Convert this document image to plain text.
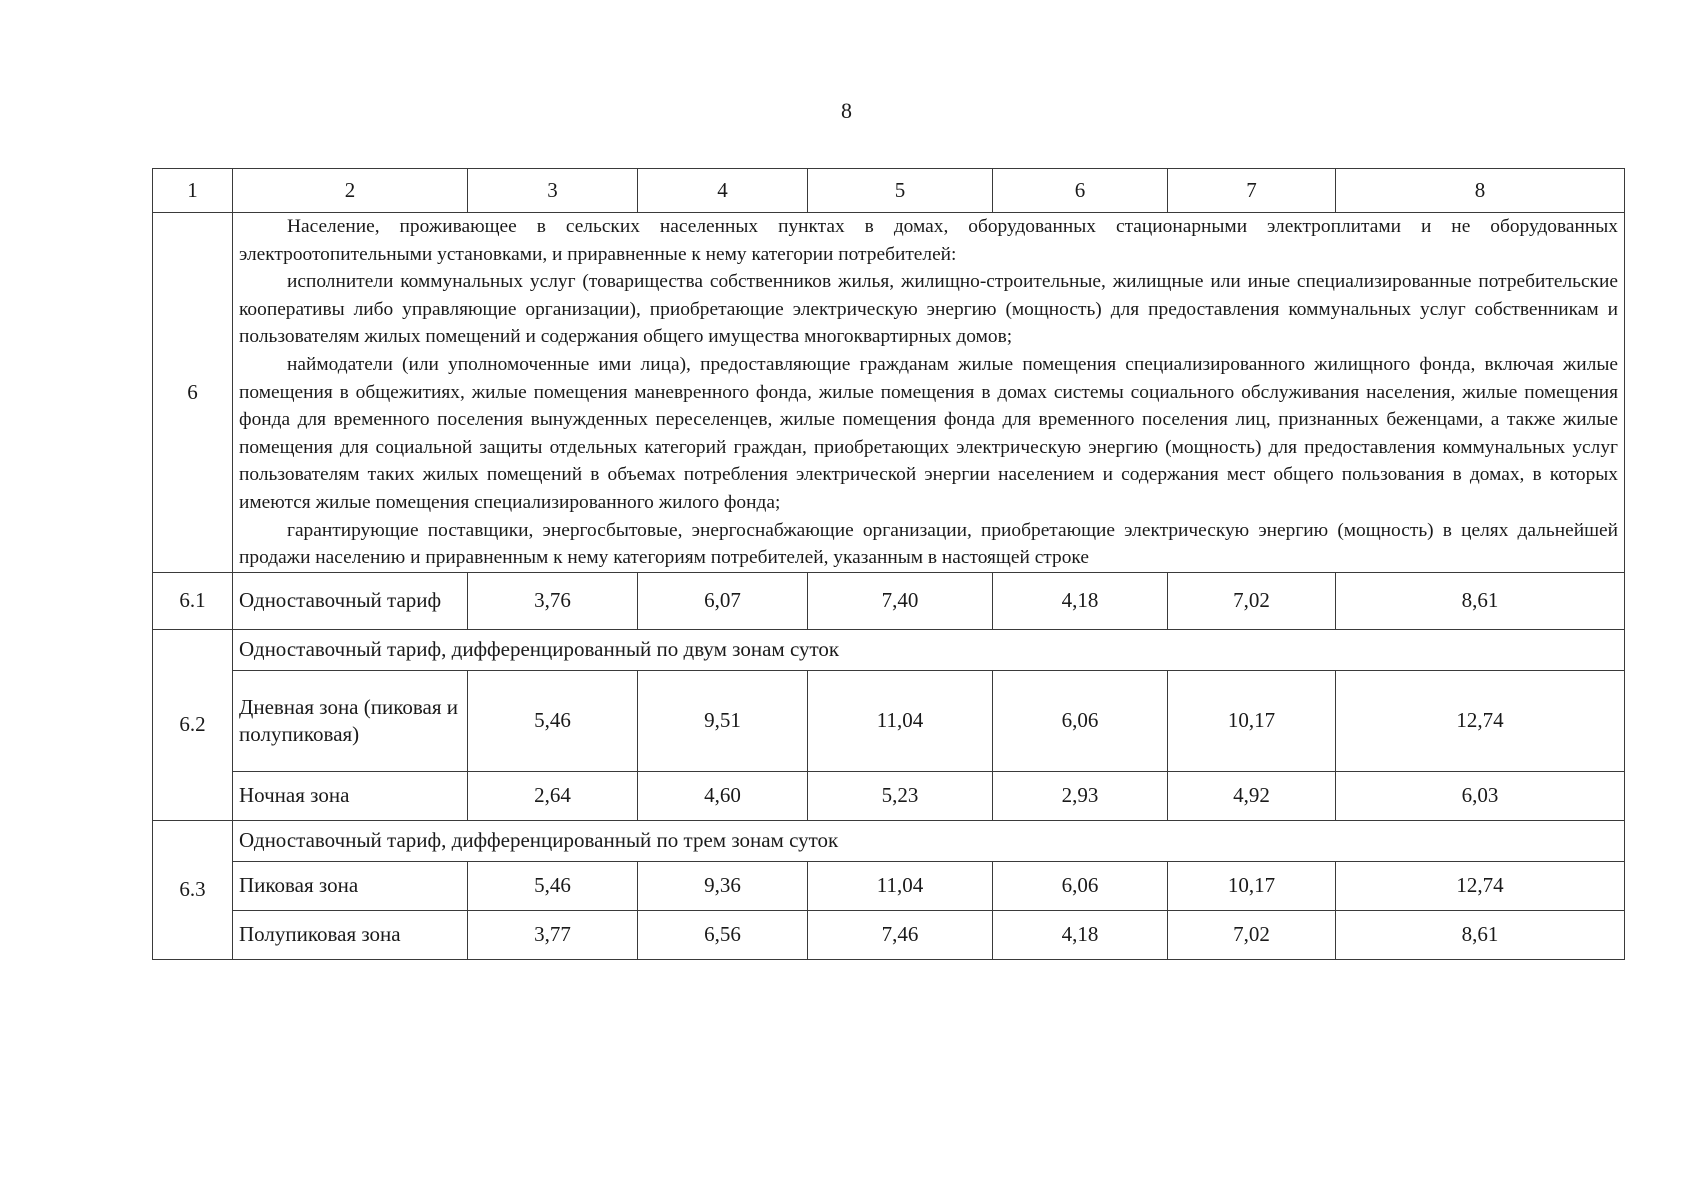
8
1	2	3	4	5	6	7	8
6	Население, проживающее в сельских населенных пунктах в домах, оборудованных стационарными электроплитами и не оборудованных электроотопительными установками, и приравненные к нему категории потребителей:

исполнители коммунальных услуг (товарищества собственников жилья, жилищно-строительные, жилищные или иные специализированные потребительские кооперативы либо управляющие организации), приобретающие электрическую энергию (мощность) для предоставления коммунальных услуг собственникам и пользователям жилых помещений и содержания общего имущества многоквартирных домов;

наймодатели (или уполномоченные ими лица), предоставляющие гражданам жилые помещения специализированного жилищного фонда, включая жилые помещения в общежитиях, жилые помещения маневренного фонда, жилые помещения в домах системы социального обслуживания населения, жилые помещения фонда для временного поселения вынужденных переселенцев, жилые помещения фонда для временного поселения лиц, признанных беженцами, а также жилые помещения для социальной защиты отдельных категорий граждан, приобретающих электрическую энергию (мощность) для предоставления коммунальных услуг пользователям таких жилых помещений в объемах потребления электрической энергии населением и содержания мест общего пользования в домах, в которых имеются жилые помещения специализированного жилого фонда;

гарантирующие поставщики, энергосбытовые, энергоснабжающие организации, приобретающие электрическую энергию (мощность) в целях дальнейшей продажи населению и приравненным к нему категориям потребителей, указанным в настоящей строке						

6.1	Одноставочный тариф	3,76	6,07	7,40	4,18	7,02	8,61
6.2	Одноставочный тариф, дифференцированный по двум зонам суток						
	Дневная зона (пиковая и полупиковая)	5,46	9,51	11,04	6,06	10,17	12,74
	Ночная зона	2,64	4,60	5,23	2,93	4,92	6,03
6.3	Одноставочный тариф, дифференцированный по трем зонам суток						
	Пиковая зона	5,46	9,36	11,04	6,06	10,17	12,74
	Полупиковая зона	3,77	6,56	7,46	4,18	7,02	8,61
